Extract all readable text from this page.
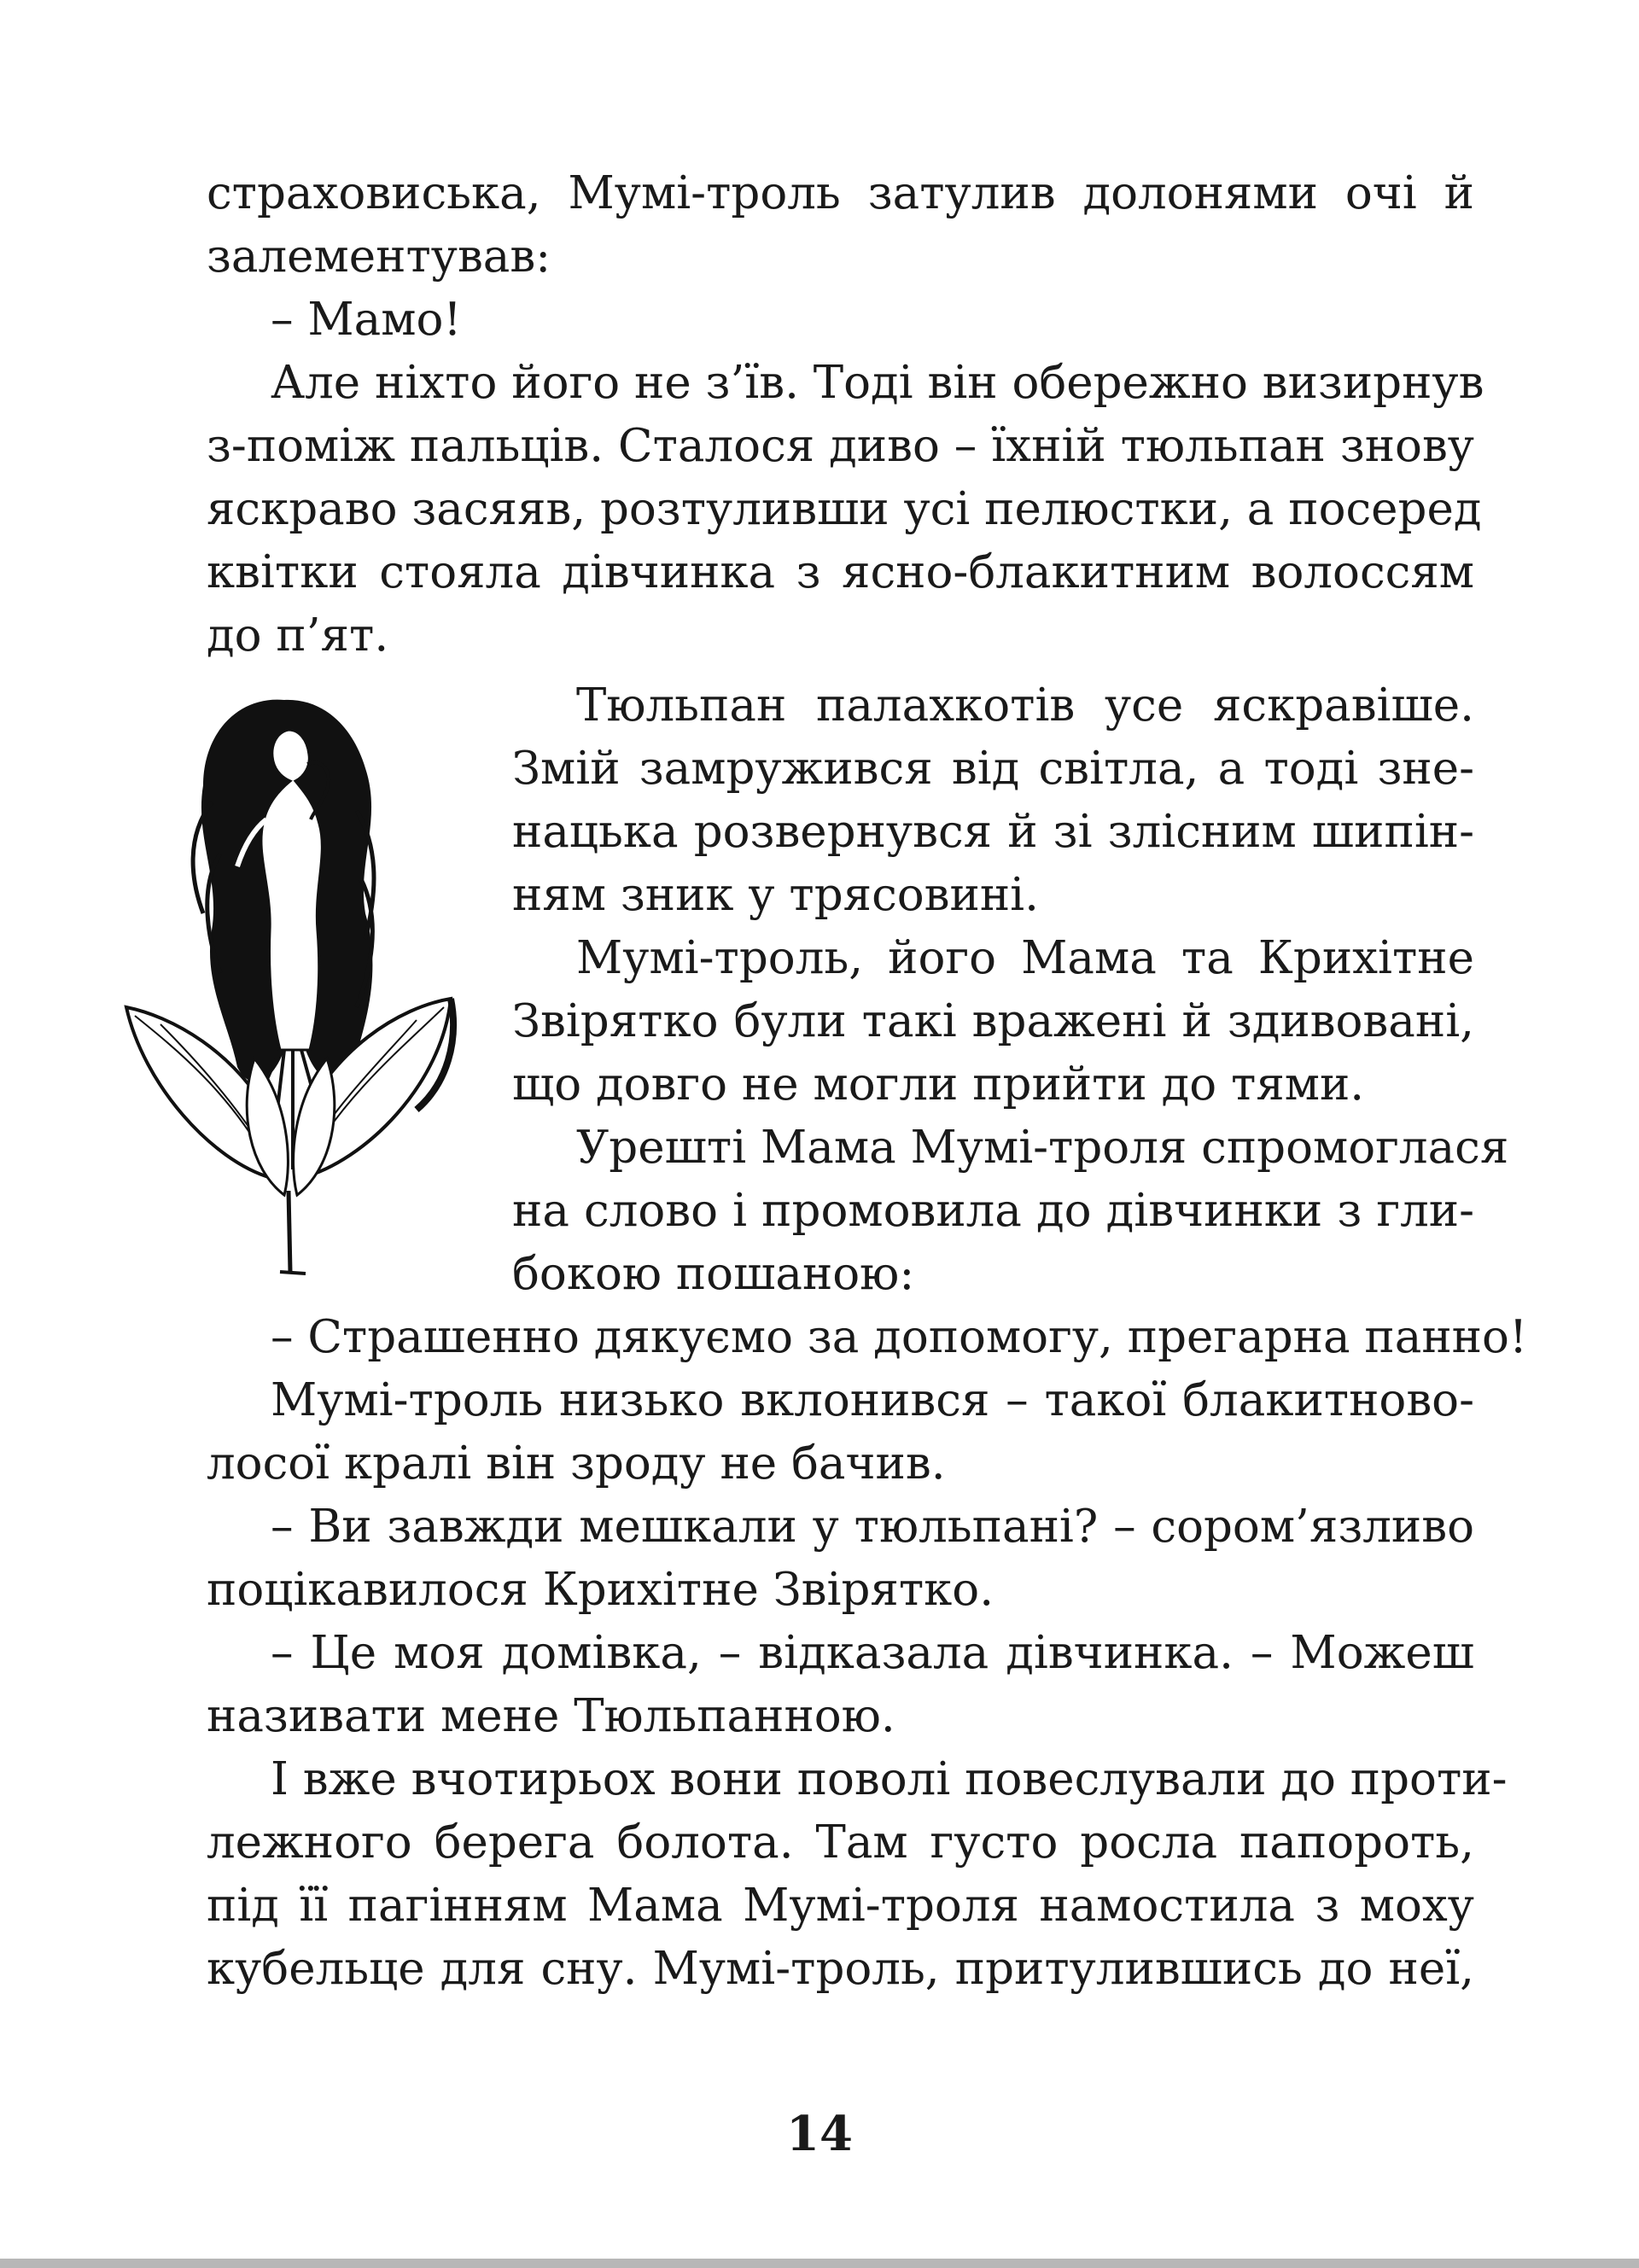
страховиська, Мумі-троль затулив долонями очі й
залементував:
– Мамо!
Але ніхто його не з’їв. Тоді він обережно визирнув
з-поміж пальців. Сталося диво – їхній тюльпан знову
яскраво засяяв, розтуливши усі пелюстки, а посеред
квітки стояла дівчинка з ясно-блакитним волоссям
до п’ят.
Тюльпан палахкотів усе яскравіше.
Змій замружився від світла, а тоді зне-
нацька розвернувся й зі злісним шипін-
ням зник у трясовині.
Мумі-троль, його Мама та Крихітне
Звірятко були такі вражені й здивовані,
що довго не могли прийти до тями.
Урешті Мама Мумі-троля спромоглася
на слово і промовила до дівчинки з гли-
бокою пошаною:
– Страшенно дякуємо за допомогу, прегарна панно!
Мумі-троль низько вклонився – такої блакитново-
лосої кралі він зроду не бачив.
– Ви завжди мешкали у тюльпані? – сором’язливо
поцікавилося Крихітне Звірятко.
– Це моя домівка, – відказала дівчинка. – Можеш
називати мене Тюльпанною.
І вже вчотирьох вони поволі повеслували до проти-
лежного берега болота. Там густо росла папороть,
під її пагінням Мама Мумі-троля намостила з моху
кубельце для сну. Мумі-троль, притулившись до неї,
14
